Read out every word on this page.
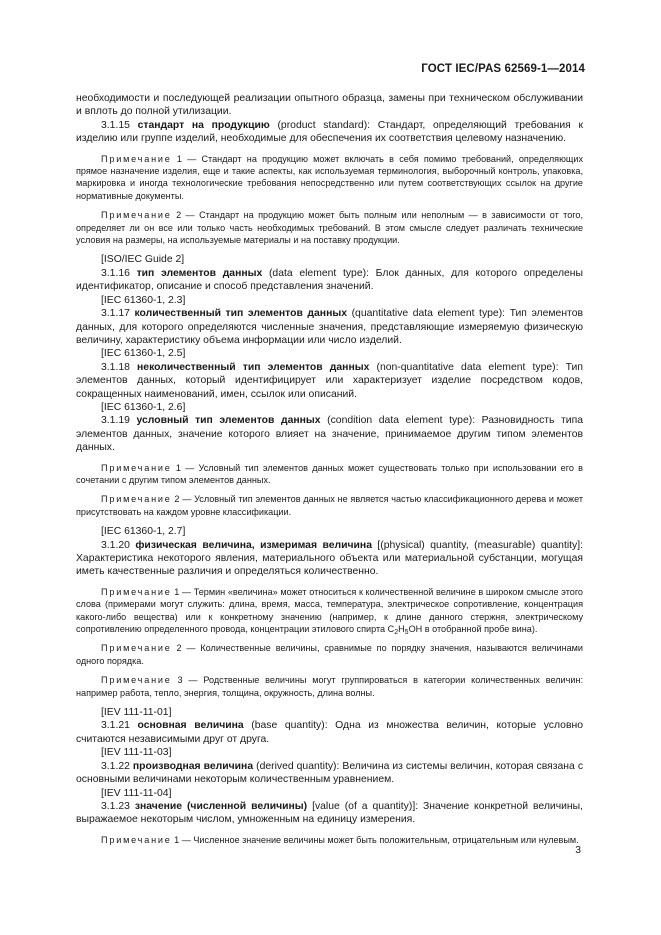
ГОСТ IEC/PAS 62569-1—2014

необходимости и последующей реализации опытного образца, замены при техническом обслуживании и вплоть до полной утилизации.

3.1.15 стандарт на продукцию (product standard): Стандарт, определяющий требования к изделию или группе изделий, необходимые для обеспечения их соответствия целевому назначению.

Примечание 1 — Стандарт на продукцию может включать в себя помимо требований, определяющих прямое назначение изделия, еще и такие аспекты, как используемая терминология, выборочный контроль, упаковка, маркировка и иногда технологические требования непосредственно или путем соответствующих ссылок на другие нормативные документы.

Примечание 2 — Стандарт на продукцию может быть полным или неполным — в зависимости от того, определяет ли он все или только часть необходимых требований. В этом смысле следует различать технические условия на размеры, на используемые материалы и на поставку продукции.

[ISO/IEC Guide 2]

3.1.16 тип элементов данных (data element type): Блок данных, для которого определены идентификатор, описание и способ представления значений.

[IEC 61360-1, 2.3]

3.1.17 количественный тип элементов данных (quantitative data element type): Тип элементов данных, для которого определяются численные значения, представляющие измеряемую физическую величину, характеристику объема информации или число изделий.

[IEC 61360-1, 2.5]

3.1.18 неколичественный тип элементов данных (non-quantitative data element type): Тип элементов данных, который идентифицирует или характеризует изделие посредством кодов, сокращенных наименований, имен, ссылок или описаний.

[IEC 61360-1, 2.6]

3.1.19 условный тип элементов данных (condition data element type): Разновидность типа элементов данных, значение которого влияет на значение, принимаемое другим типом элементов данных.

Примечание 1 — Условный тип элементов данных может существовать только при использовании его в сочетании с другим типом элементов данных.

Примечание 2 — Условный тип элементов данных не является частью классификационного дерева и может присутствовать на каждом уровне классификации.

[IEC 61360-1, 2.7]

3.1.20 физическая величина, измеримая величина [(physical) quantity, (measurable) quantity]: Характеристика некоторого явления, материального объекта или материальной субстанции, могущая иметь качественные различия и определяться количественно.

Примечание 1 — Термин «величина» может относиться к количественной величине в широком смысле этого слова (примерами могут служить: длина, время, масса, температура, электрическое сопротивление, концентрация какого-либо вещества) или к конкретному значению (например, к длине данного стержня, электрическому сопротивлению определенного провода, концентрации этилового спирта $C_2H_5OH$ в отобранной пробе вина).

Примечание 2 — Количественные величины, сравнимые по порядку значения, называются величинами одного порядка.

Примечание 3 — Родственные величины могут группироваться в категории количественных величин: например работа, тепло, энергия, толщина, окружность, длина волны.

[IEV 111-11-01]

3.1.21 основная величина (base quantity): Одна из множества величин, которые условно считаются независимыми друг от друга.

[IEV 111-11-03]

3.1.22 производная величина (derived quantity): Величина из системы величин, которая связана с основными величинами некоторым количественным уравнением.

[IEV 111-11-04]

3.1.23 значение (численной величины) [value (of a quantity)]: Значение конкретной величины, выражаемое некоторым числом, умноженным на единицу измерения.

Примечание 1 — Численное значение величины может быть положительным, отрицательным или нулевым.

3
